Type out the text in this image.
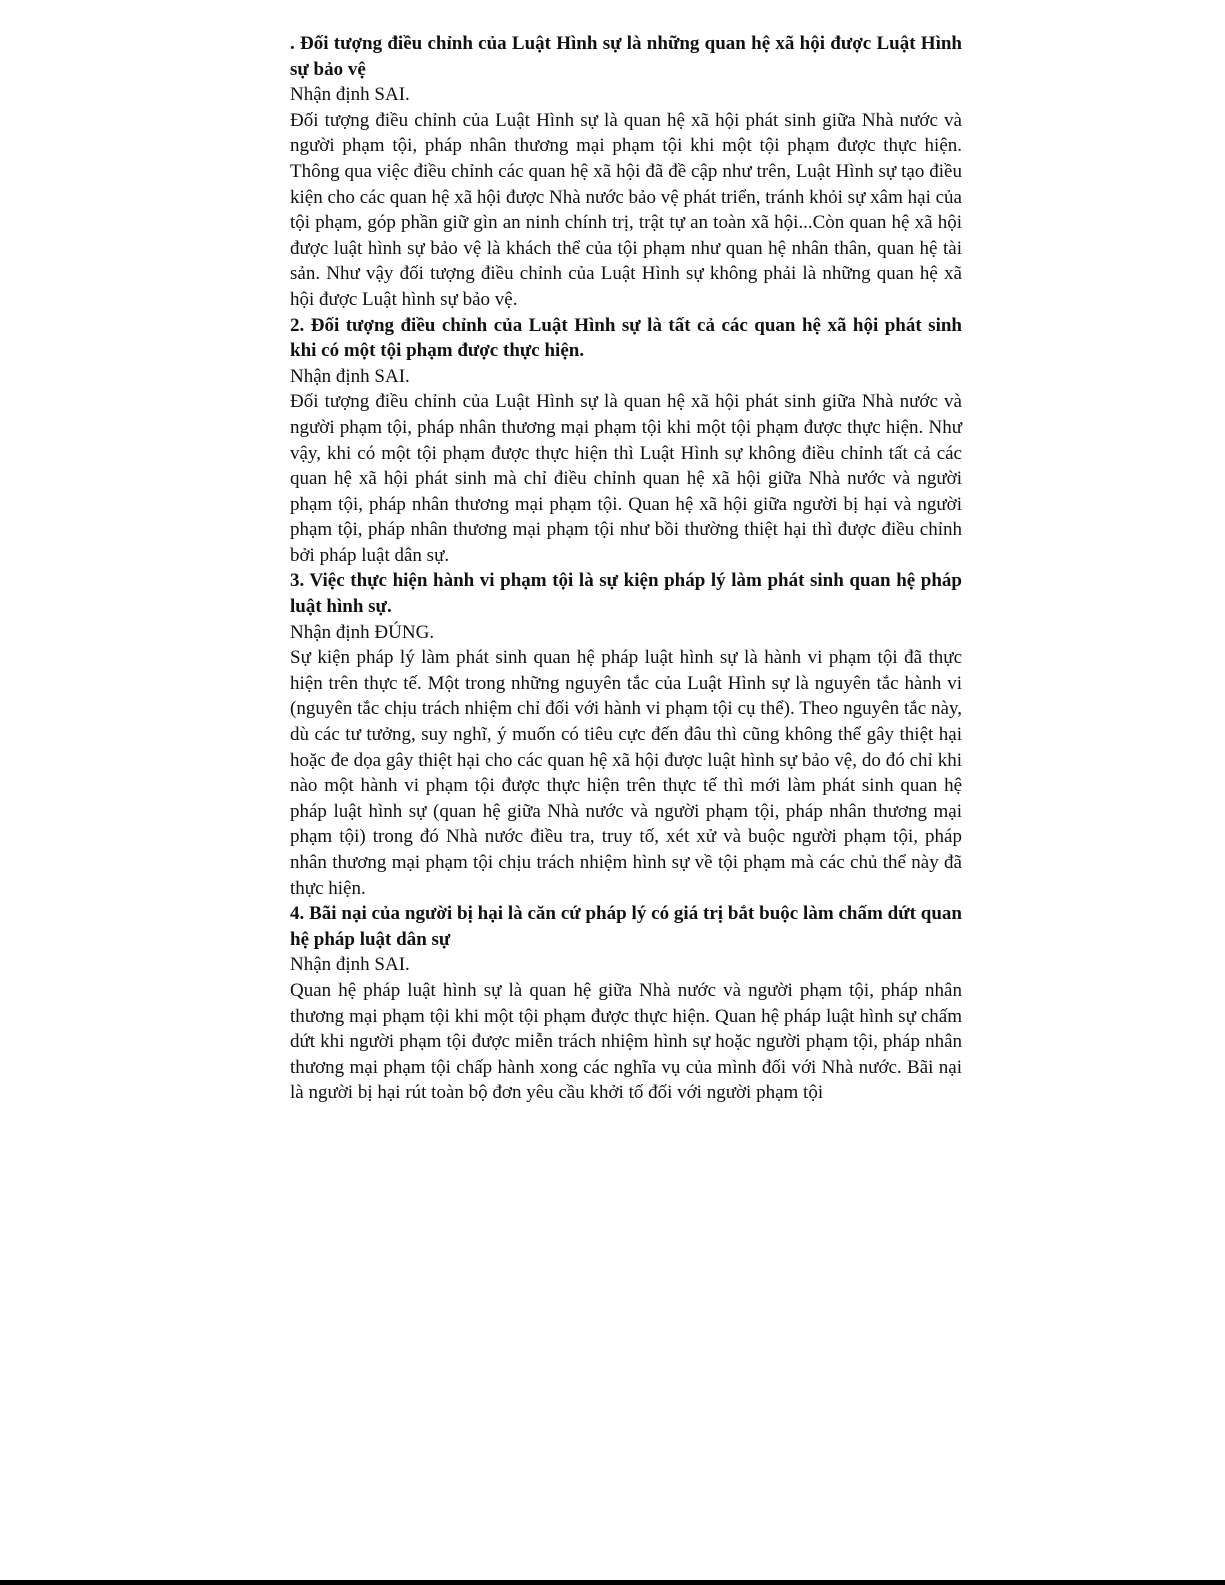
. Đối tượng điều chỉnh của Luật Hình sự là những quan hệ xã hội được Luật Hình sự bảo vệ

Nhận định SAI.

Đối tượng điều chỉnh của Luật Hình sự là quan hệ xã hội phát sinh giữa Nhà nước và người phạm tội, pháp nhân thương mại phạm tội khi một tội phạm được thực hiện. Thông qua việc điều chỉnh các quan hệ xã hội đã đề cập như trên, Luật Hình sự tạo điều kiện cho các quan hệ xã hội được Nhà nước bảo vệ phát triển, tránh khỏi sự xâm hại của tội phạm, góp phần giữ gìn an ninh chính trị, trật tự an toàn xã hội...Còn quan hệ xã hội được luật hình sự bảo vệ là khách thể của tội phạm như quan hệ nhân thân, quan hệ tài sản. Như vậy đối tượng điều chỉnh của Luật Hình sự không phải là những quan hệ xã hội được Luật hình sự bảo vệ.

2. Đối tượng điều chỉnh của Luật Hình sự là tất cả các quan hệ xã hội phát sinh khi có một tội phạm được thực hiện.

Nhận định SAI.

Đối tượng điều chỉnh của Luật Hình sự là quan hệ xã hội phát sinh giữa Nhà nước và người phạm tội, pháp nhân thương mại phạm tội khi một tội phạm được thực hiện. Như vậy, khi có một tội phạm được thực hiện thì Luật Hình sự không điều chỉnh tất cả các quan hệ xã hội phát sinh mà chỉ điều chỉnh quan hệ xã hội giữa Nhà nước và người phạm tội, pháp nhân thương mại phạm tội. Quan hệ xã hội giữa người bị hại và người phạm tội, pháp nhân thương mại phạm tội như bồi thường thiệt hại thì được điều chỉnh bởi pháp luật dân sự.

3. Việc thực hiện hành vi phạm tội là sự kiện pháp lý làm phát sinh quan hệ pháp luật hình sự.

Nhận định ĐÚNG.

Sự kiện pháp lý làm phát sinh quan hệ pháp luật hình sự là hành vi phạm tội đã thực hiện trên thực tế. Một trong những nguyên tắc của Luật Hình sự là nguyên tắc hành vi (nguyên tắc chịu trách nhiệm chỉ đối với hành vi phạm tội cụ thể). Theo nguyên tắc này, dù các tư tưởng, suy nghĩ, ý muốn có tiêu cực đến đâu thì cũng không thể gây thiệt hại hoặc đe dọa gây thiệt hại cho các quan hệ xã hội được luật hình sự bảo vệ, do đó chỉ khi nào một hành vi phạm tội được thực hiện trên thực tế thì mới làm phát sinh quan hệ pháp luật hình sự (quan hệ giữa Nhà nước và người phạm tội, pháp nhân thương mại phạm tội) trong đó Nhà nước điều tra, truy tố, xét xử và buộc người phạm tội, pháp nhân thương mại phạm tội chịu trách nhiệm hình sự về tội phạm mà các chủ thể này đã thực hiện.

4. Bãi nại của người bị hại là căn cứ pháp lý có giá trị bắt buộc làm chấm dứt quan hệ pháp luật dân sự

Nhận định SAI.

Quan hệ pháp luật hình sự là quan hệ giữa Nhà nước và người phạm tội, pháp nhân thương mại phạm tội khi một tội phạm được thực hiện. Quan hệ pháp luật hình sự chấm dứt khi người phạm tội được miễn trách nhiệm hình sự hoặc người phạm tội, pháp nhân thương mại phạm tội chấp hành xong các nghĩa vụ của mình đối với Nhà nước. Bãi nại là người bị hại rút toàn bộ đơn yêu cầu khởi tố đối với người phạm tội
